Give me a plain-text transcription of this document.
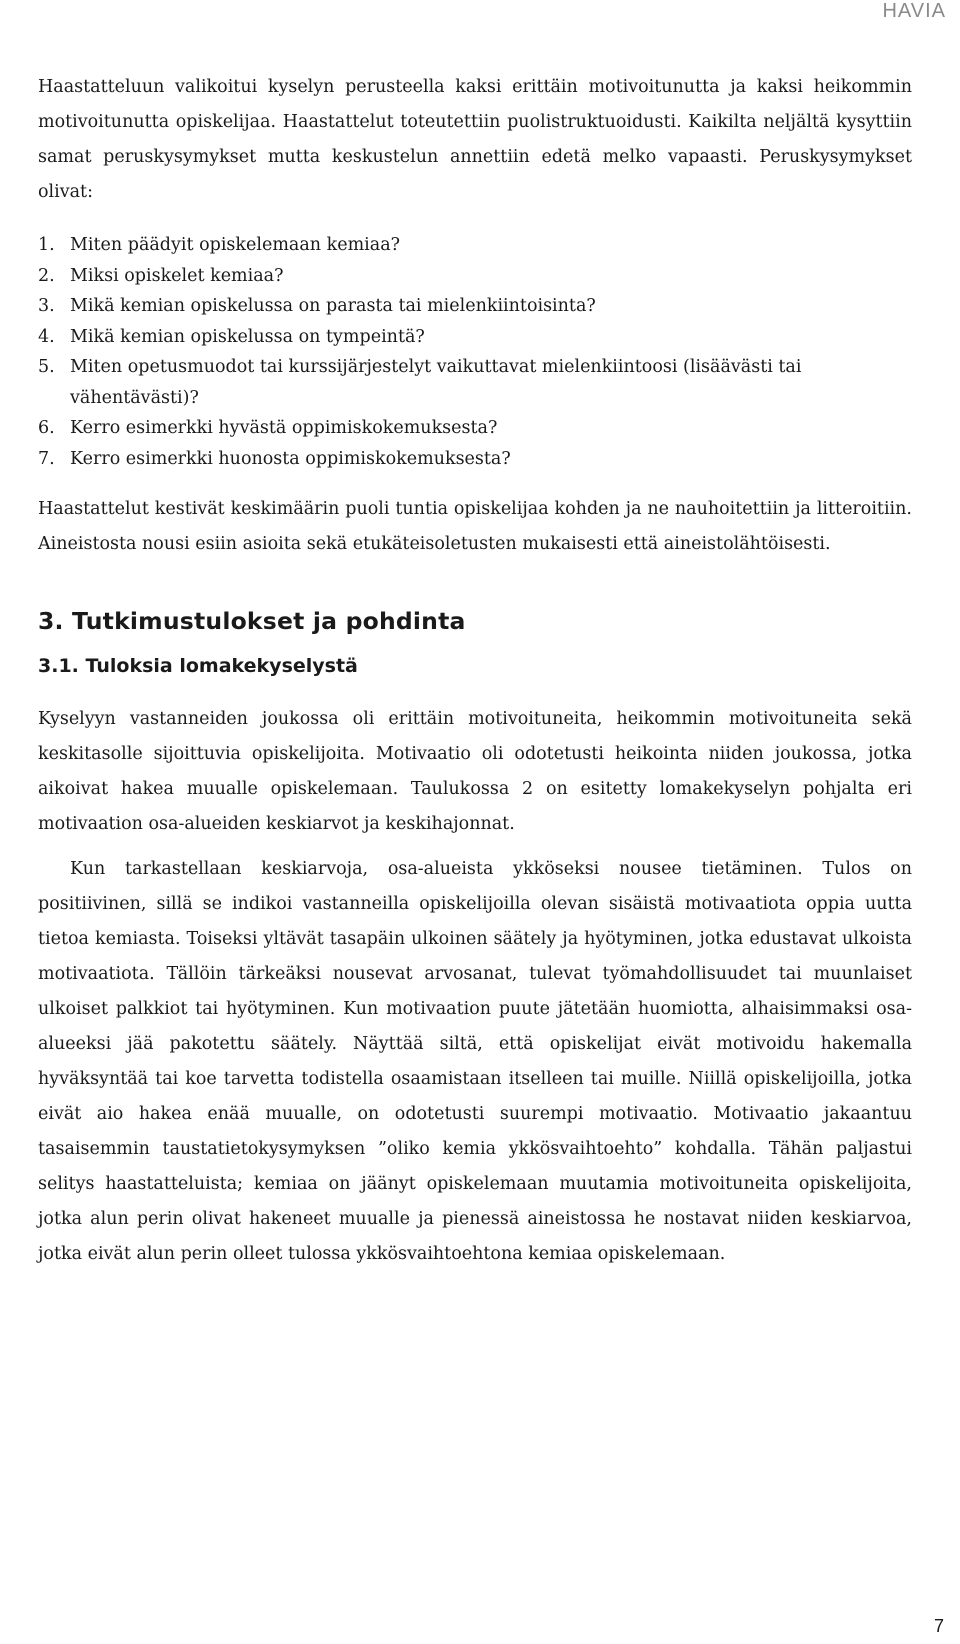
HAVIA

Haastatteluun valikoitui kyselyn perusteella kaksi erittäin motivoitunutta ja kaksi heikommin motivoitunutta opiskelijaa. Haastattelut toteutettiin puolistruktuoidusti. Kaikilta neljältä kysyttiin samat peruskysymykset mutta keskustelun annettiin edetä melko vapaasti. Peruskysymykset olivat:

1. Miten päädyit opiskelemaan kemiaa?
2. Miksi opiskelet kemiaa?
3. Mikä kemian opiskelussa on parasta tai mielenkiintoisinta?
4. Mikä kemian opiskelussa on tympeintä?
5. Miten opetusmuodot tai kurssijärjestelyt vaikuttavat mielenkiintoosi (lisäävästi tai vähentävästi)?
6. Kerro esimerkki hyvästä oppimiskokemuksesta?
7. Kerro esimerkki huonosta oppimiskokemuksesta?

Haastattelut kestivät keskimäärin puoli tuntia opiskelijaa kohden ja ne nauhoitettiin ja litteroitiin. Aineistosta nousi esiin asioita sekä etukäteisoletusten mukaisesti että aineistolähtöisesti.

3. Tutkimustulokset ja pohdinta
3.1. Tuloksia lomakekyselystä

Kyselyyn vastanneiden joukossa oli erittäin motivoituneita, heikommin motivoituneita sekä keskitasolle sijoittuvia opiskelijoita. Motivaatio oli odotetusti heikointa niiden joukossa, jotka aikoivat hakea muualle opiskelemaan. Taulukossa 2 on esitetty lomakekyselyn pohjalta eri motivaation osa-alueiden keskiarvot ja keskihajonnat.

Kun tarkastellaan keskiarvoja, osa-alueista ykköseksi nousee tietäminen. Tulos on positiivinen, sillä se indikoi vastanneilla opiskelijoilla olevan sisäistä motivaatiota oppia uutta tietoa kemiasta. Toiseksi yltävät tasapäin ulkoinen säätely ja hyötyminen, jotka edustavat ulkoista motivaatiota. Tällöin tärkeäksi nousevat arvosanat, tulevat työmahdollisuudet tai muunlaiset ulkoiset palkkiot tai hyötyminen. Kun motivaation puute jätetään huomiotta, alhaisimmaksi osa-alueeksi jää pakotettu säätely. Näyttää siltä, että opiskelijat eivät motivoidu hakemalla hyväksyntää tai koe tarvetta todistella osaamistaan itselleen tai muille. Niillä opiskelijoilla, jotka eivät aio hakea enää muualle, on odotetusti suurempi motivaatio. Motivaatio jakaantuu tasaisemmin taustatietokysymyksen ”oliko kemia ykkösvaihtoehto” kohdalla. Tähän paljastui selitys haastatteluista; kemiaa on jäänyt opiskelemaan muutamia motivoituneita opiskelijoita, jotka alun perin olivat hakeneet muualle ja pienessä aineistossa he nostavat niiden keskiarvoa, jotka eivät alun perin olleet tulossa ykkösvaihtoehtona kemiaa opiskelemaan.

7
